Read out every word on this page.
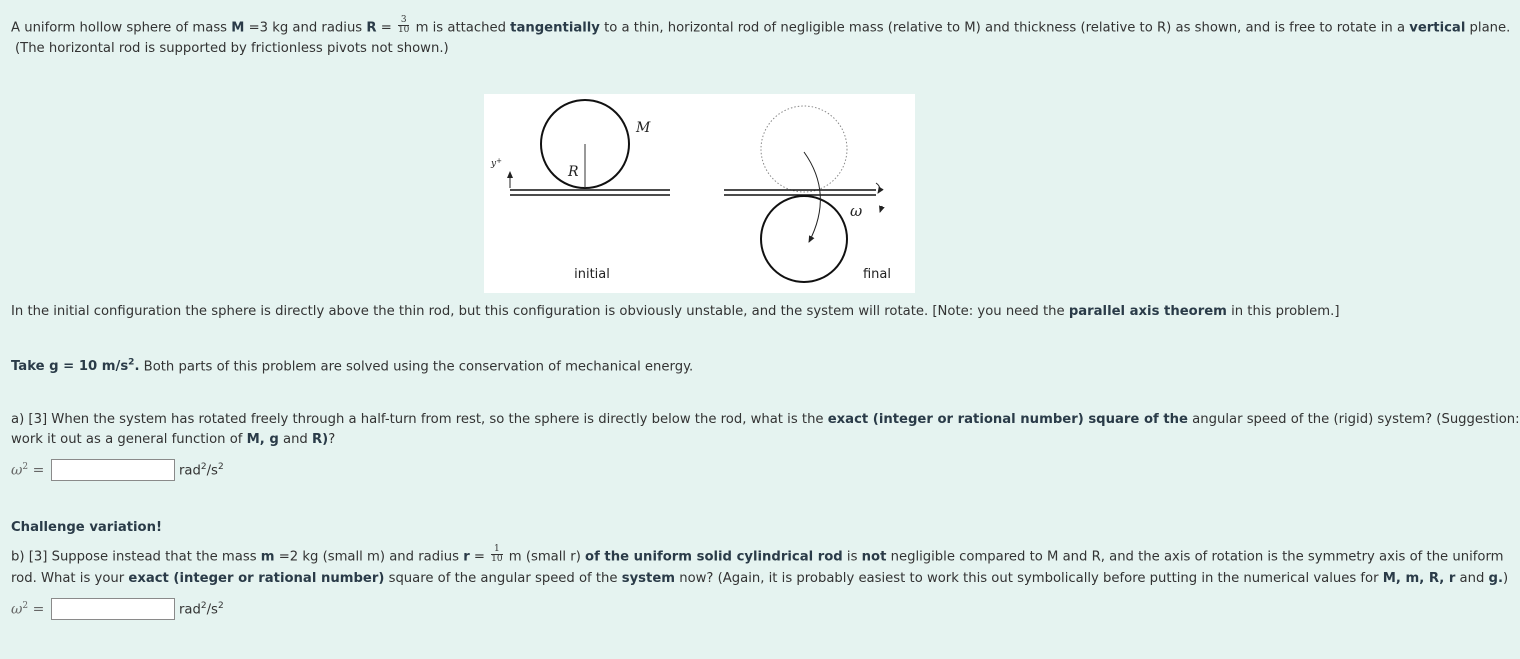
A uniform hollow sphere of mass M =3 kg and radius $R = \frac{3}{10}$ m is attached tangentially to a thin, horizontal rod of negligible mass (relative to M) and thickness (relative to R) as shown, and is free to rotate in a vertical plane.
(The horizontal rod is supported by frictionless pivots not shown.)
y+
R
M
initial
ω
final
In the initial configuration the sphere is directly above the thin rod, but this configuration is obviously unstable, and the system will rotate. [Note: you need the parallel axis theorem in this problem.]
Take g = 10 $m/s^2$. Both parts of this problem are solved using the conservation of mechanical energy.
a) [3] When the system has rotated freely through a half-turn from rest, so the sphere is directly below the rod, what is the exact (integer or rational number) square of the angular speed of the (rigid) system? (Suggestion:
work it out as a general function of M, g and R)?
$\omega^2$ =	$rad^2/s^2$
Challenge variation!
b) [3] Suppose instead that the mass m =2 kg (small m) and radius $r = \frac{1}{10}$ m (small r) of the uniform solid cylindrical rod is not negligible compared to M and R, and the axis of rotation is the symmetry axis of the uniform
rod. What is your exact (integer or rational number) square of the angular speed of the system now? (Again, it is probably easiest to work this out symbolically before putting in the numerical values for M, m, R, r and g.)
$\omega^2$ =	$rad^2/s^2$
